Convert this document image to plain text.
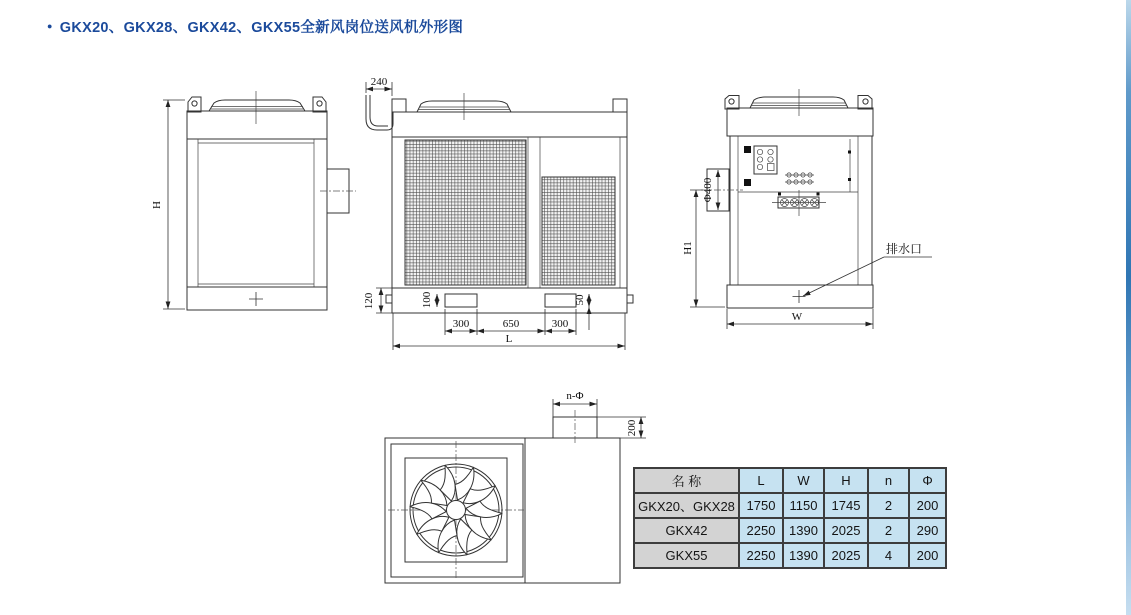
● GKX20、GKX28、GKX42、GKX55全新风岗位送风机外形图
H
240
120	100	50
300	650	300
L
Φ400
H1	排水口
W
n-Φ
200
名 称	L	W	H	n	Φ
GKX20、GKX28	1750	1150	1745	2	200
GKX42	2250	1390	2025	2	290
GKX55	2250	1390	2025	4	200
